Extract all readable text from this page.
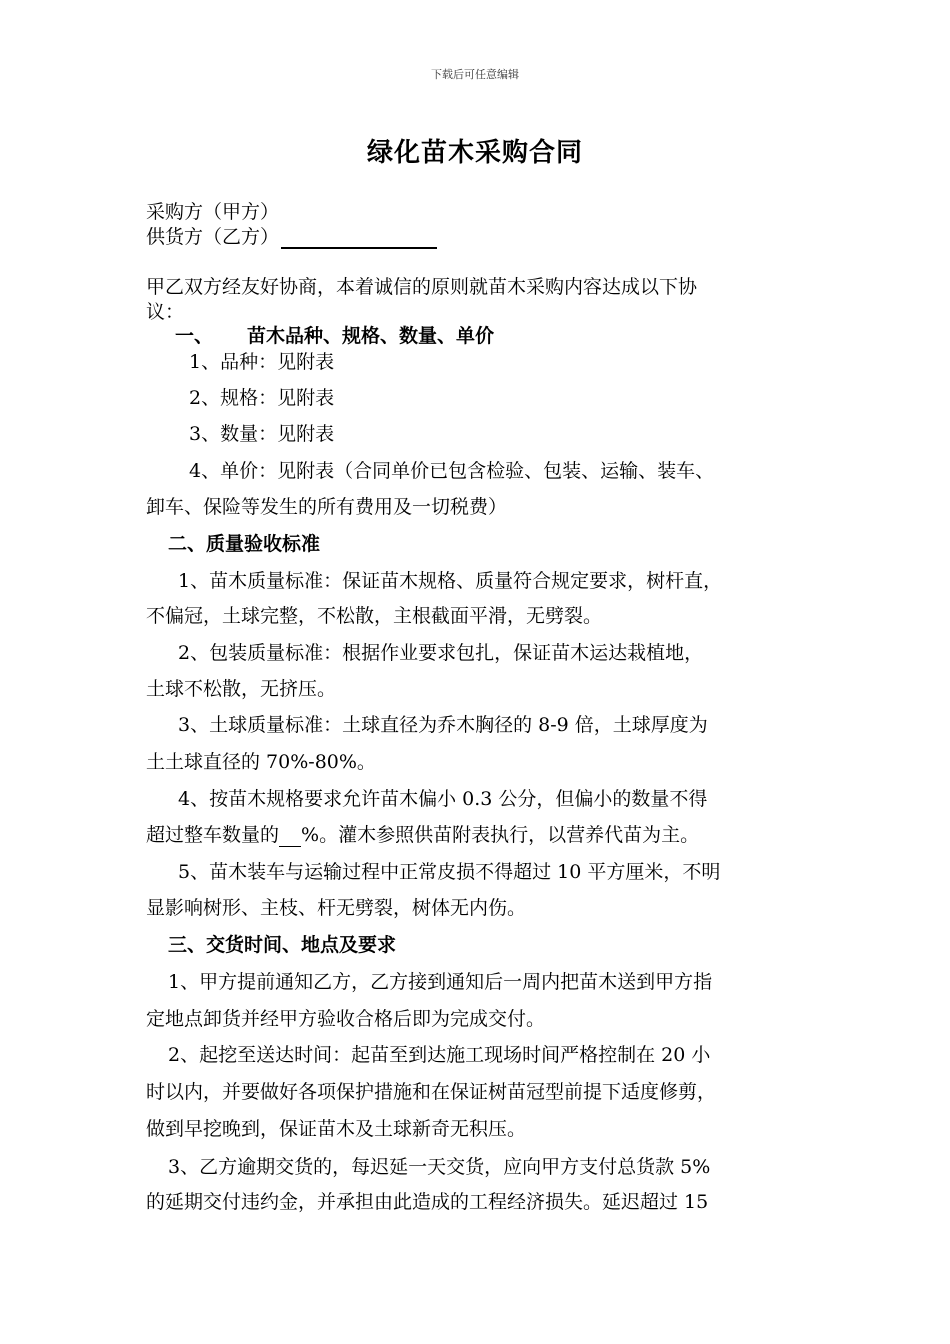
下载后可任意编辑
绿化苗木采购合同
采购方（甲方）
供货方（乙方）
甲乙双方经友好协商，本着诚信的原则就苗木采购内容达成以下协
议：
一、 苗木品种、规格、数量、单价
1、品种：见附表
2、规格：见附表
3、数量：见附表
4、单价：见附表（合同单价已包含检验、包装、运输、装车、
卸车、保险等发生的所有费用及一切税费）
二、质量验收标准
1、苗木质量标准：保证苗木规格、质量符合规定要求，树杆直，
不偏冠，土球完整，不松散，主根截面平滑，无劈裂。
2、包装质量标准：根据作业要求包扎，保证苗木运达栽植地，
土球不松散，无挤压。
3、土球质量标准：土球直径为乔木胸径的 8-9 倍，土球厚度为
土土球直径的 70%-80%。
4、按苗木规格要求允许苗木偏小 0.3 公分，但偏小的数量不得
超过整车数量的 %。灌木参照供苗附表执行，以营养代苗为主。
5、苗木装车与运输过程中正常皮损不得超过 10 平方厘米，不明
显影响树形、主枝、杆无劈裂，树体无内伤。
三、交货时间、地点及要求
1、甲方提前通知乙方，乙方接到通知后一周内把苗木送到甲方指
定地点卸货并经甲方验收合格后即为完成交付。
2、起挖至送达时间：起苗至到达施工现场时间严格控制在 20 小
时以内，并要做好各项保护措施和在保证树苗冠型前提下适度修剪，
做到早挖晚到，保证苗木及土球新奇无积压。
3、乙方逾期交货的，每迟延一天交货，应向甲方支付总货款 5%
的延期交付违约金，并承担由此造成的工程经济损失。延迟超过 15
